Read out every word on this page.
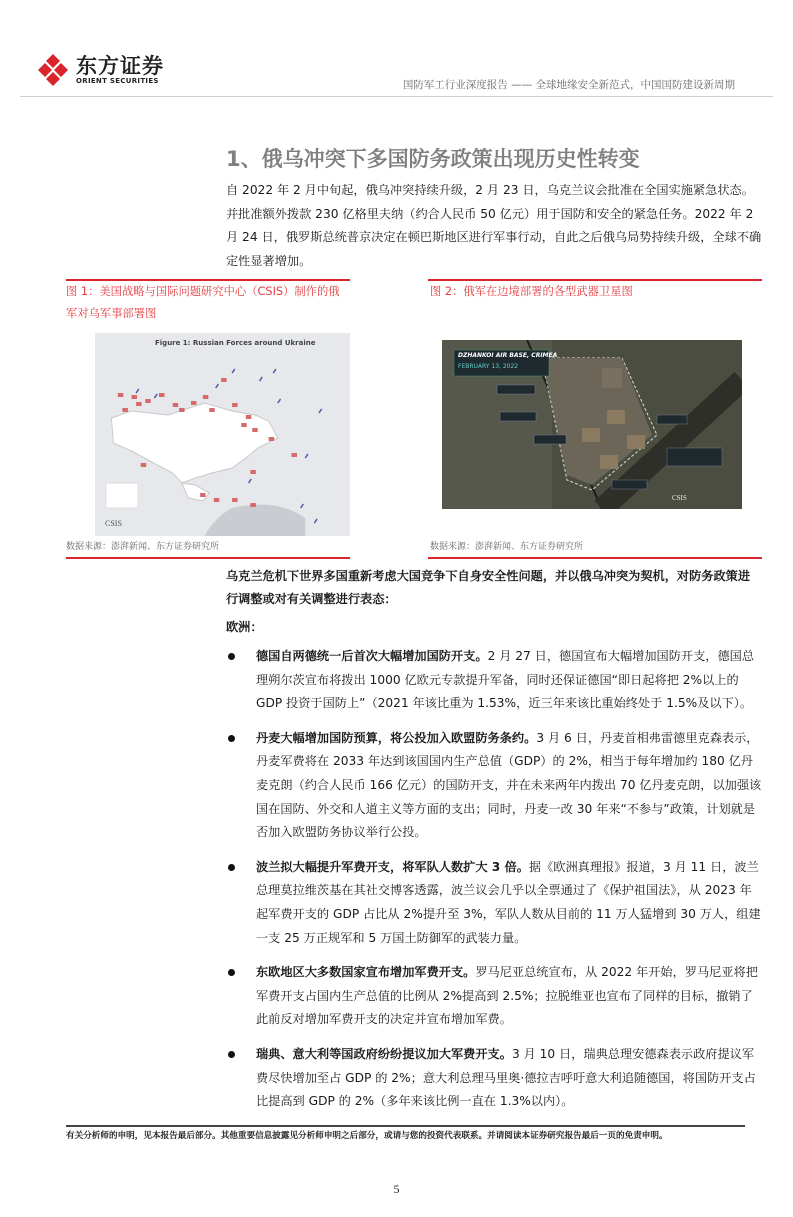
东方证券
ORIENT SECURITIES	国防军工行业深度报告 —— 全球地缘安全新范式，中国国防建设新周期
1、俄乌冲突下多国防务政策出现历史性转变
自 2022 年 2 月中旬起，俄乌冲突持续升级，2 月 23 日，乌克兰议会批准在全国实施紧急状态。并批准额外拨款 230 亿格里夫纳（约合人民币 50 亿元）用于国防和安全的紧急任务。2022 年 2 月 24 日，俄罗斯总统普京决定在顿巴斯地区进行军事行动，自此之后俄乌局势持续升级，全球不确定性显著增加。
图 1：美国战略与国际问题研究中心（CSIS）制作的俄军对乌军事部署图
Figure 1: Russian Forces around Ukraine
CSIS
数据来源：澎湃新闻、东方证券研究所
图 2：俄军在边境部署的各型武器卫星图
DZHANKOI AIR BASE, CRIMEA
FEBRUARY 13, 2022
CSIS
数据来源：澎湃新闻、东方证券研究所
乌克兰危机下世界多国重新考虑大国竞争下自身安全性问题，并以俄乌冲突为契机，对防务政策进行调整或对有关调整进行表态：
欧洲：
德国自两德统一后首次大幅增加国防开支。2 月 27 日，德国宣布大幅增加国防开支，德国总理朔尔茨宣布将拨出 1000 亿欧元专款提升军备，同时还保证德国“即日起将把 2%以上的 GDP 投资于国防上”（2021 年该比重为 1.53%，近三年来该比重始终处于 1.5%及以下）。
丹麦大幅增加国防预算，将公投加入欧盟防务条约。3 月 6 日，丹麦首相弗雷德里克森表示，丹麦军费将在 2033 年达到该国国内生产总值（GDP）的 2%，相当于每年增加约 180 亿丹麦克朗（约合人民币 166 亿元）的国防开支，并在未来两年内拨出 70 亿丹麦克朗，以加强该国在国防、外交和人道主义等方面的支出；同时，丹麦一改 30 年来“不参与”政策，计划就是否加入欧盟防务协议举行公投。
波兰拟大幅提升军费开支，将军队人数扩大 3 倍。据《欧洲真理报》报道，3 月 11 日，波兰总理莫拉维茨基在其社交博客透露，波兰议会几乎以全票通过了《保护祖国法》，从 2023 年起军费开支的 GDP 占比从 2%提升至 3%，军队人数从目前的 11 万人猛增到 30 万人，组建一支 25 万正规军和 5 万国土防御军的武装力量。
东欧地区大多数国家宣布增加军费开支。罗马尼亚总统宣布，从 2022 年开始，罗马尼亚将把军费开支占国内生产总值的比例从 2%提高到 2.5%；拉脱维亚也宣布了同样的目标，撤销了此前反对增加军费开支的决定并宣布增加军费。
瑞典、意大利等国政府纷纷提议加大军费开支。3 月 10 日，瑞典总理安德森表示政府提议军费尽快增加至占 GDP 的 2%；意大利总理马里奥·德拉吉呼吁意大利追随德国，将国防开支占比提高到 GDP 的 2%（多年来该比例一直在 1.3%以内）。
有关分析师的申明，见本报告最后部分。其他重要信息披露见分析师申明之后部分，或请与您的投资代表联系。并请阅读本证券研究报告最后一页的免责申明。
5
